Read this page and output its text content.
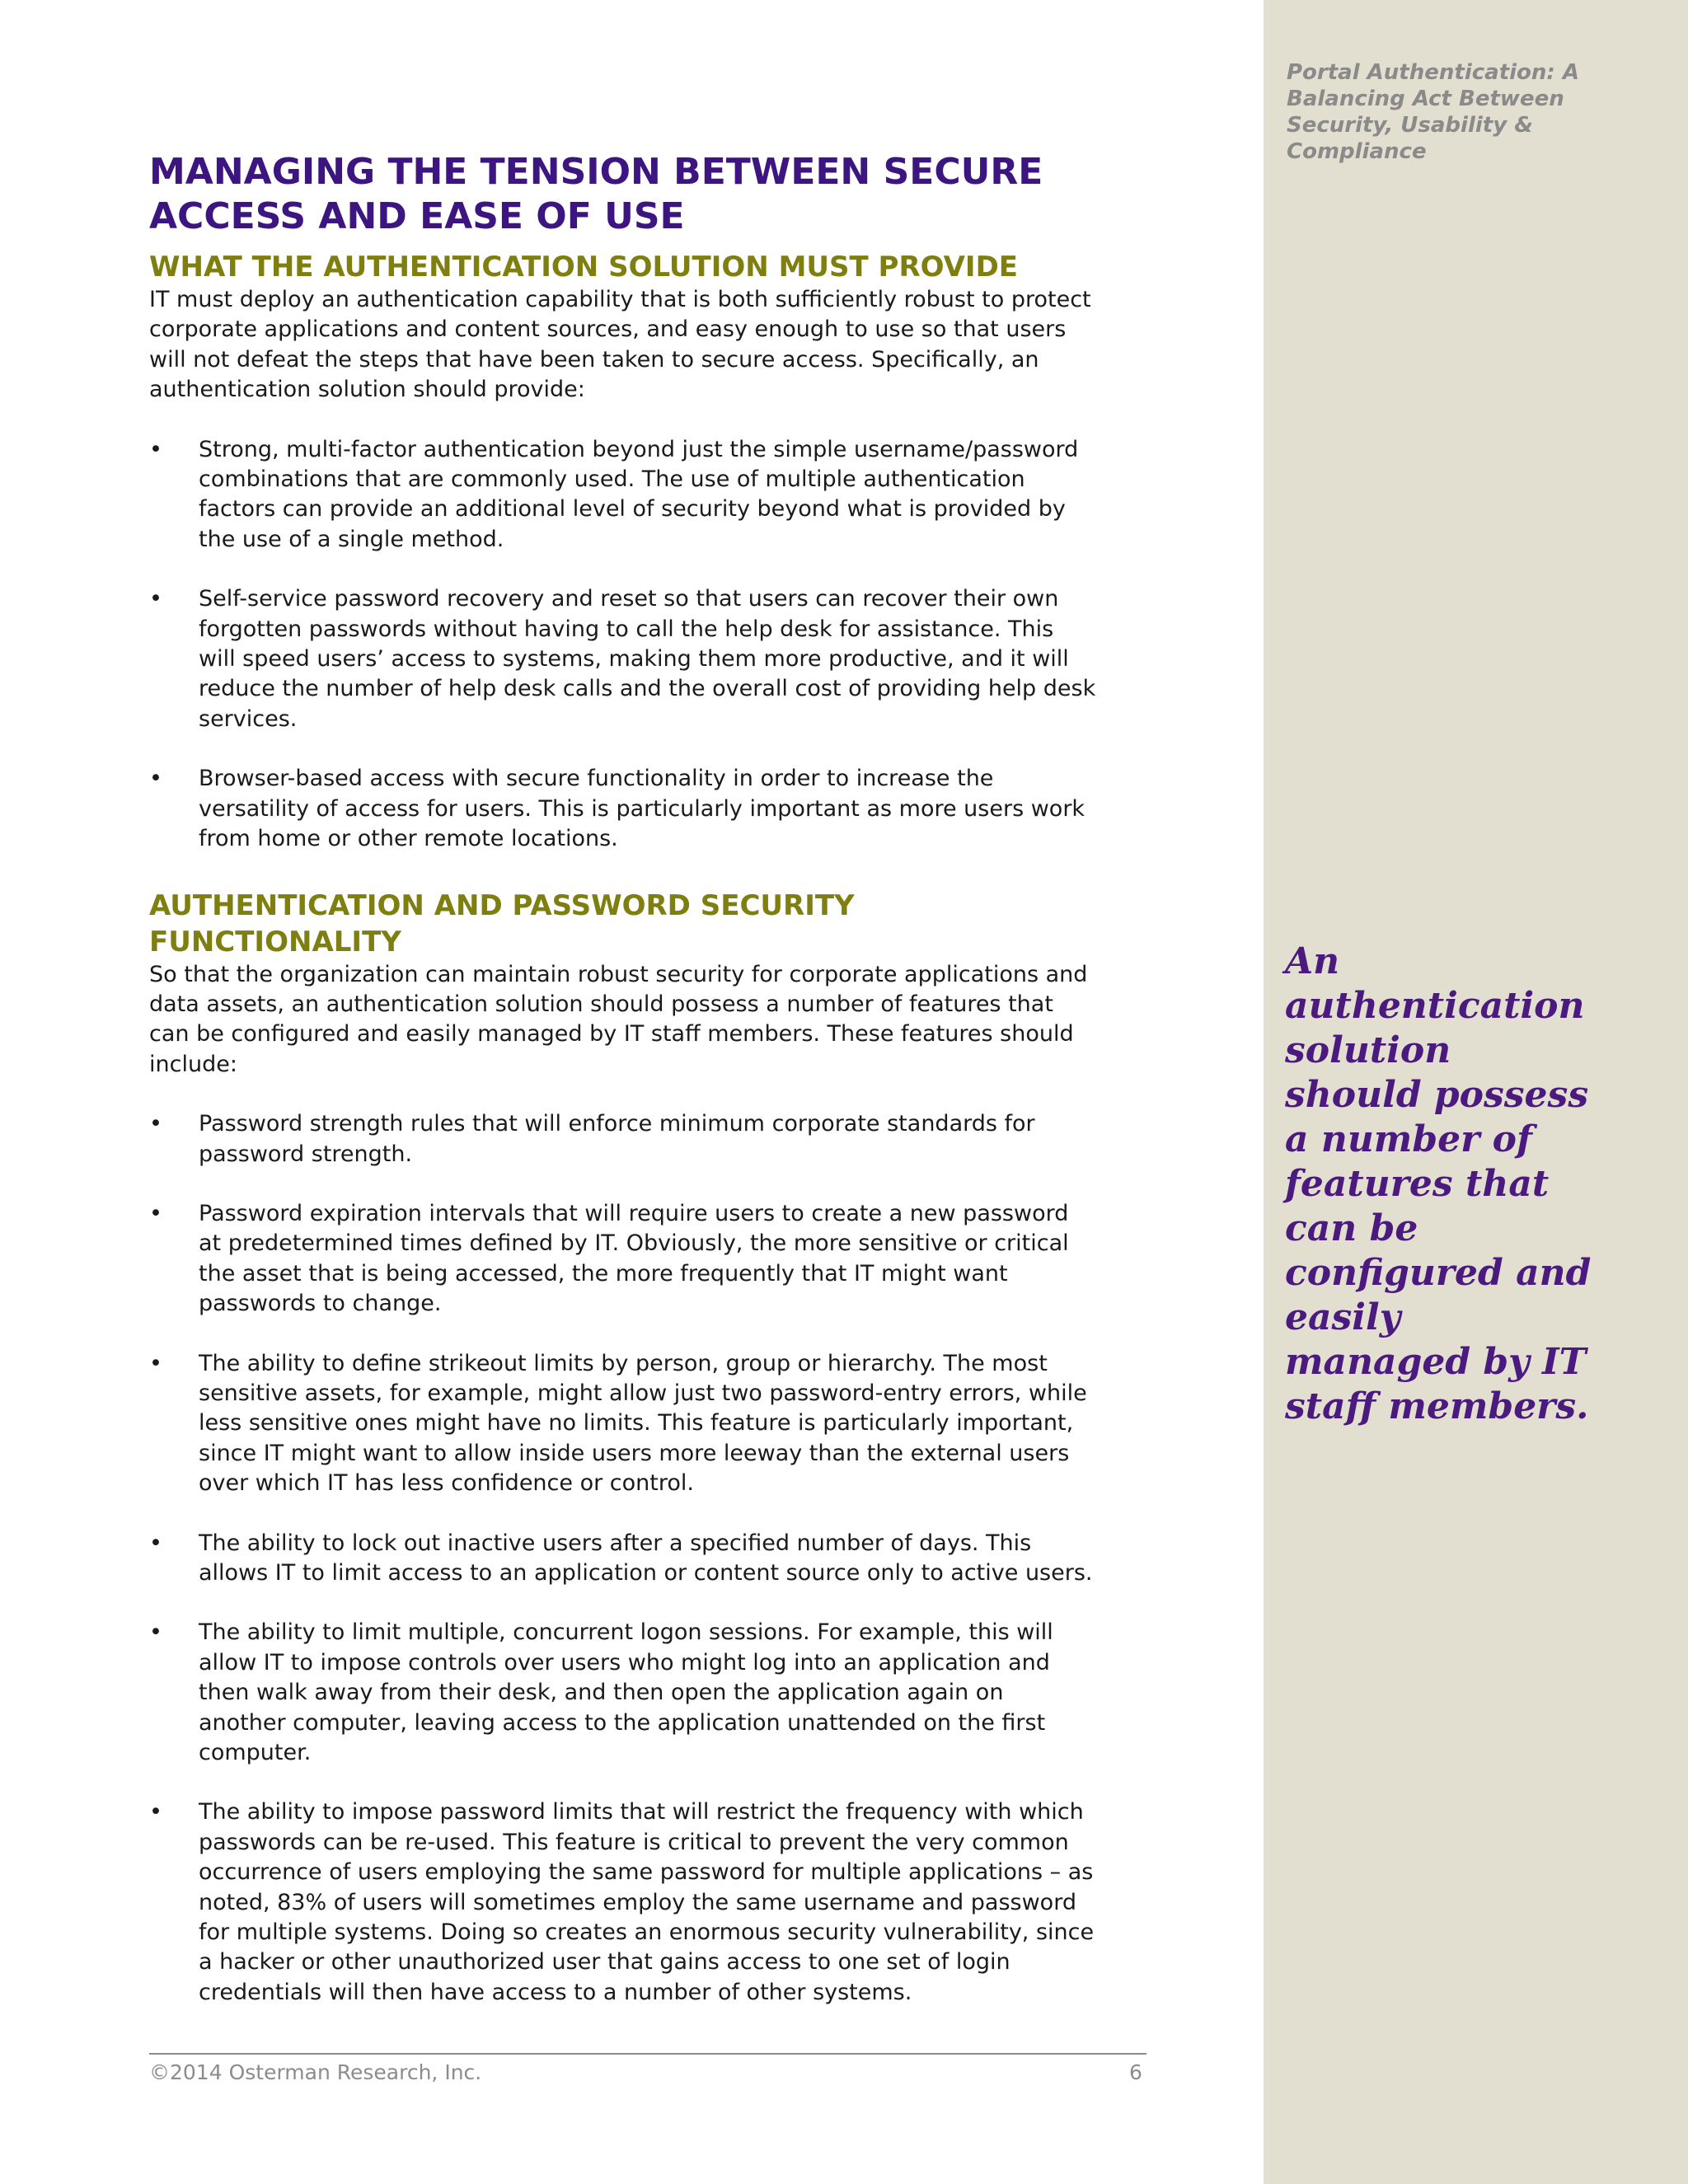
Portal Authentication: A Balancing Act Between Security, Usability & Compliance
An authentication solution should possess a number of features that can be configured and easily managed by IT staff members.
MANAGING THE TENSION BETWEEN SECURE ACCESS AND EASE OF USE
WHAT THE AUTHENTICATION SOLUTION MUST PROVIDE

IT must deploy an authentication capability that is both sufficiently robust to protect corporate applications and content sources, and easy enough to use so that users will not defeat the steps that have been taken to secure access. Specifically, an authentication solution should provide:

• Strong, multi-factor authentication beyond just the simple username/password combinations that are commonly used. The use of multiple authentication factors can provide an additional level of security beyond what is provided by the use of a single method.
• Self-service password recovery and reset so that users can recover their own forgotten passwords without having to call the help desk for assistance. This will speed users’ access to systems, making them more productive, and it will reduce the number of help desk calls and the overall cost of providing help desk services.
• Browser-based access with secure functionality in order to increase the versatility of access for users. This is particularly important as more users work from home or other remote locations.
AUTHENTICATION AND PASSWORD SECURITY FUNCTIONALITY

So that the organization can maintain robust security for corporate applications and data assets, an authentication solution should possess a number of features that can be configured and easily managed by IT staff members. These features should include:

• Password strength rules that will enforce minimum corporate standards for password strength.
• Password expiration intervals that will require users to create a new password at predetermined times defined by IT. Obviously, the more sensitive or critical the asset that is being accessed, the more frequently that IT might want passwords to change.
• The ability to define strikeout limits by person, group or hierarchy. The most sensitive assets, for example, might allow just two password-entry errors, while less sensitive ones might have no limits. This feature is particularly important, since IT might want to allow inside users more leeway than the external users over which IT has less confidence or control.
• The ability to lock out inactive users after a specified number of days. This allows IT to limit access to an application or content source only to active users.
• The ability to limit multiple, concurrent logon sessions. For example, this will allow IT to impose controls over users who might log into an application and then walk away from their desk, and then open the application again on another computer, leaving access to the application unattended on the first computer.
• The ability to impose password limits that will restrict the frequency with which passwords can be re-used. This feature is critical to prevent the very common occurrence of users employing the same password for multiple applications – as noted, 83% of users will sometimes employ the same username and password for multiple systems. Doing so creates an enormous security vulnerability, since a hacker or other unauthorized user that gains access to one set of login credentials will then have access to a number of other systems.
©2014 Osterman Research, Inc.	6
